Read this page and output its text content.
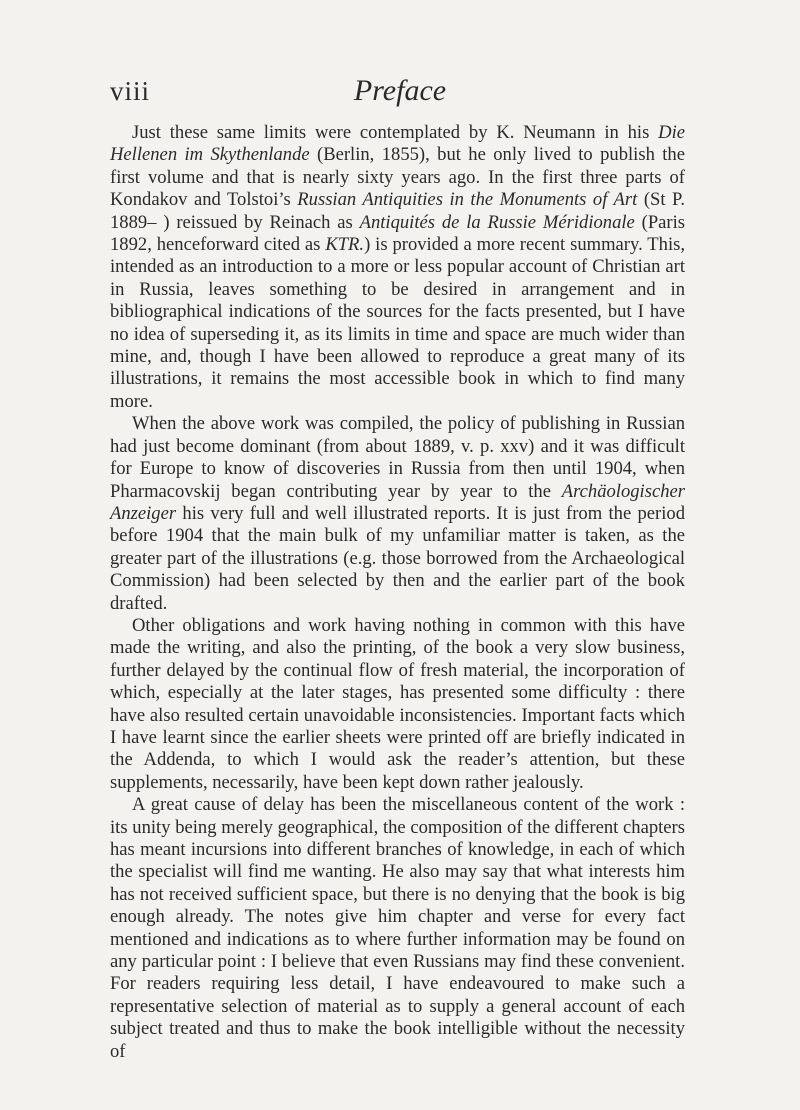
viii	Preface

Just these same limits were contemplated by K. Neumann in his Die Hellenen im Skythenlande (Berlin, 1855), but he only lived to publish the first volume and that is nearly sixty years ago. In the first three parts of Kondakov and Tolstoi’s Russian Antiquities in the Monuments of Art (St P. 1889– ) reissued by Reinach as Antiquités de la Russie Méridionale (Paris 1892, henceforward cited as KTR.) is provided a more recent summary. This, intended as an introduction to a more or less popular account of Christian art in Russia, leaves something to be desired in arrangement and in bibliographical indications of the sources for the facts presented, but I have no idea of superseding it, as its limits in time and space are much wider than mine, and, though I have been allowed to reproduce a great many of its illustrations, it remains the most accessible book in which to find many more.

When the above work was compiled, the policy of publishing in Russian had just become dominant (from about 1889, v. p. xxv) and it was difficult for Europe to know of discoveries in Russia from then until 1904, when Pharmacovskij began contributing year by year to the Archäologischer Anzeiger his very full and well illustrated reports. It is just from the period before 1904 that the main bulk of my unfamiliar matter is taken, as the greater part of the illustrations (e.g. those borrowed from the Archaeological Commission) had been selected by then and the earlier part of the book drafted.

Other obligations and work having nothing in common with this have made the writing, and also the printing, of the book a very slow business, further delayed by the continual flow of fresh material, the incorporation of which, especially at the later stages, has presented some difficulty : there have also resulted certain unavoidable inconsistencies. Important facts which I have learnt since the earlier sheets were printed off are briefly indicated in the Addenda, to which I would ask the reader’s attention, but these supplements, necessarily, have been kept down rather jealously.

A great cause of delay has been the miscellaneous content of the work : its unity being merely geographical, the composition of the different chapters has meant incursions into different branches of knowledge, in each of which the specialist will find me wanting. He also may say that what interests him has not received sufficient space, but there is no denying that the book is big enough already. The notes give him chapter and verse for every fact mentioned and indications as to where further information may be found on any particular point : I believe that even Russians may find these convenient. For readers requiring less detail, I have endeavoured to make such a representative selection of material as to supply a general account of each subject treated and thus to make the book intelligible without the necessity of
